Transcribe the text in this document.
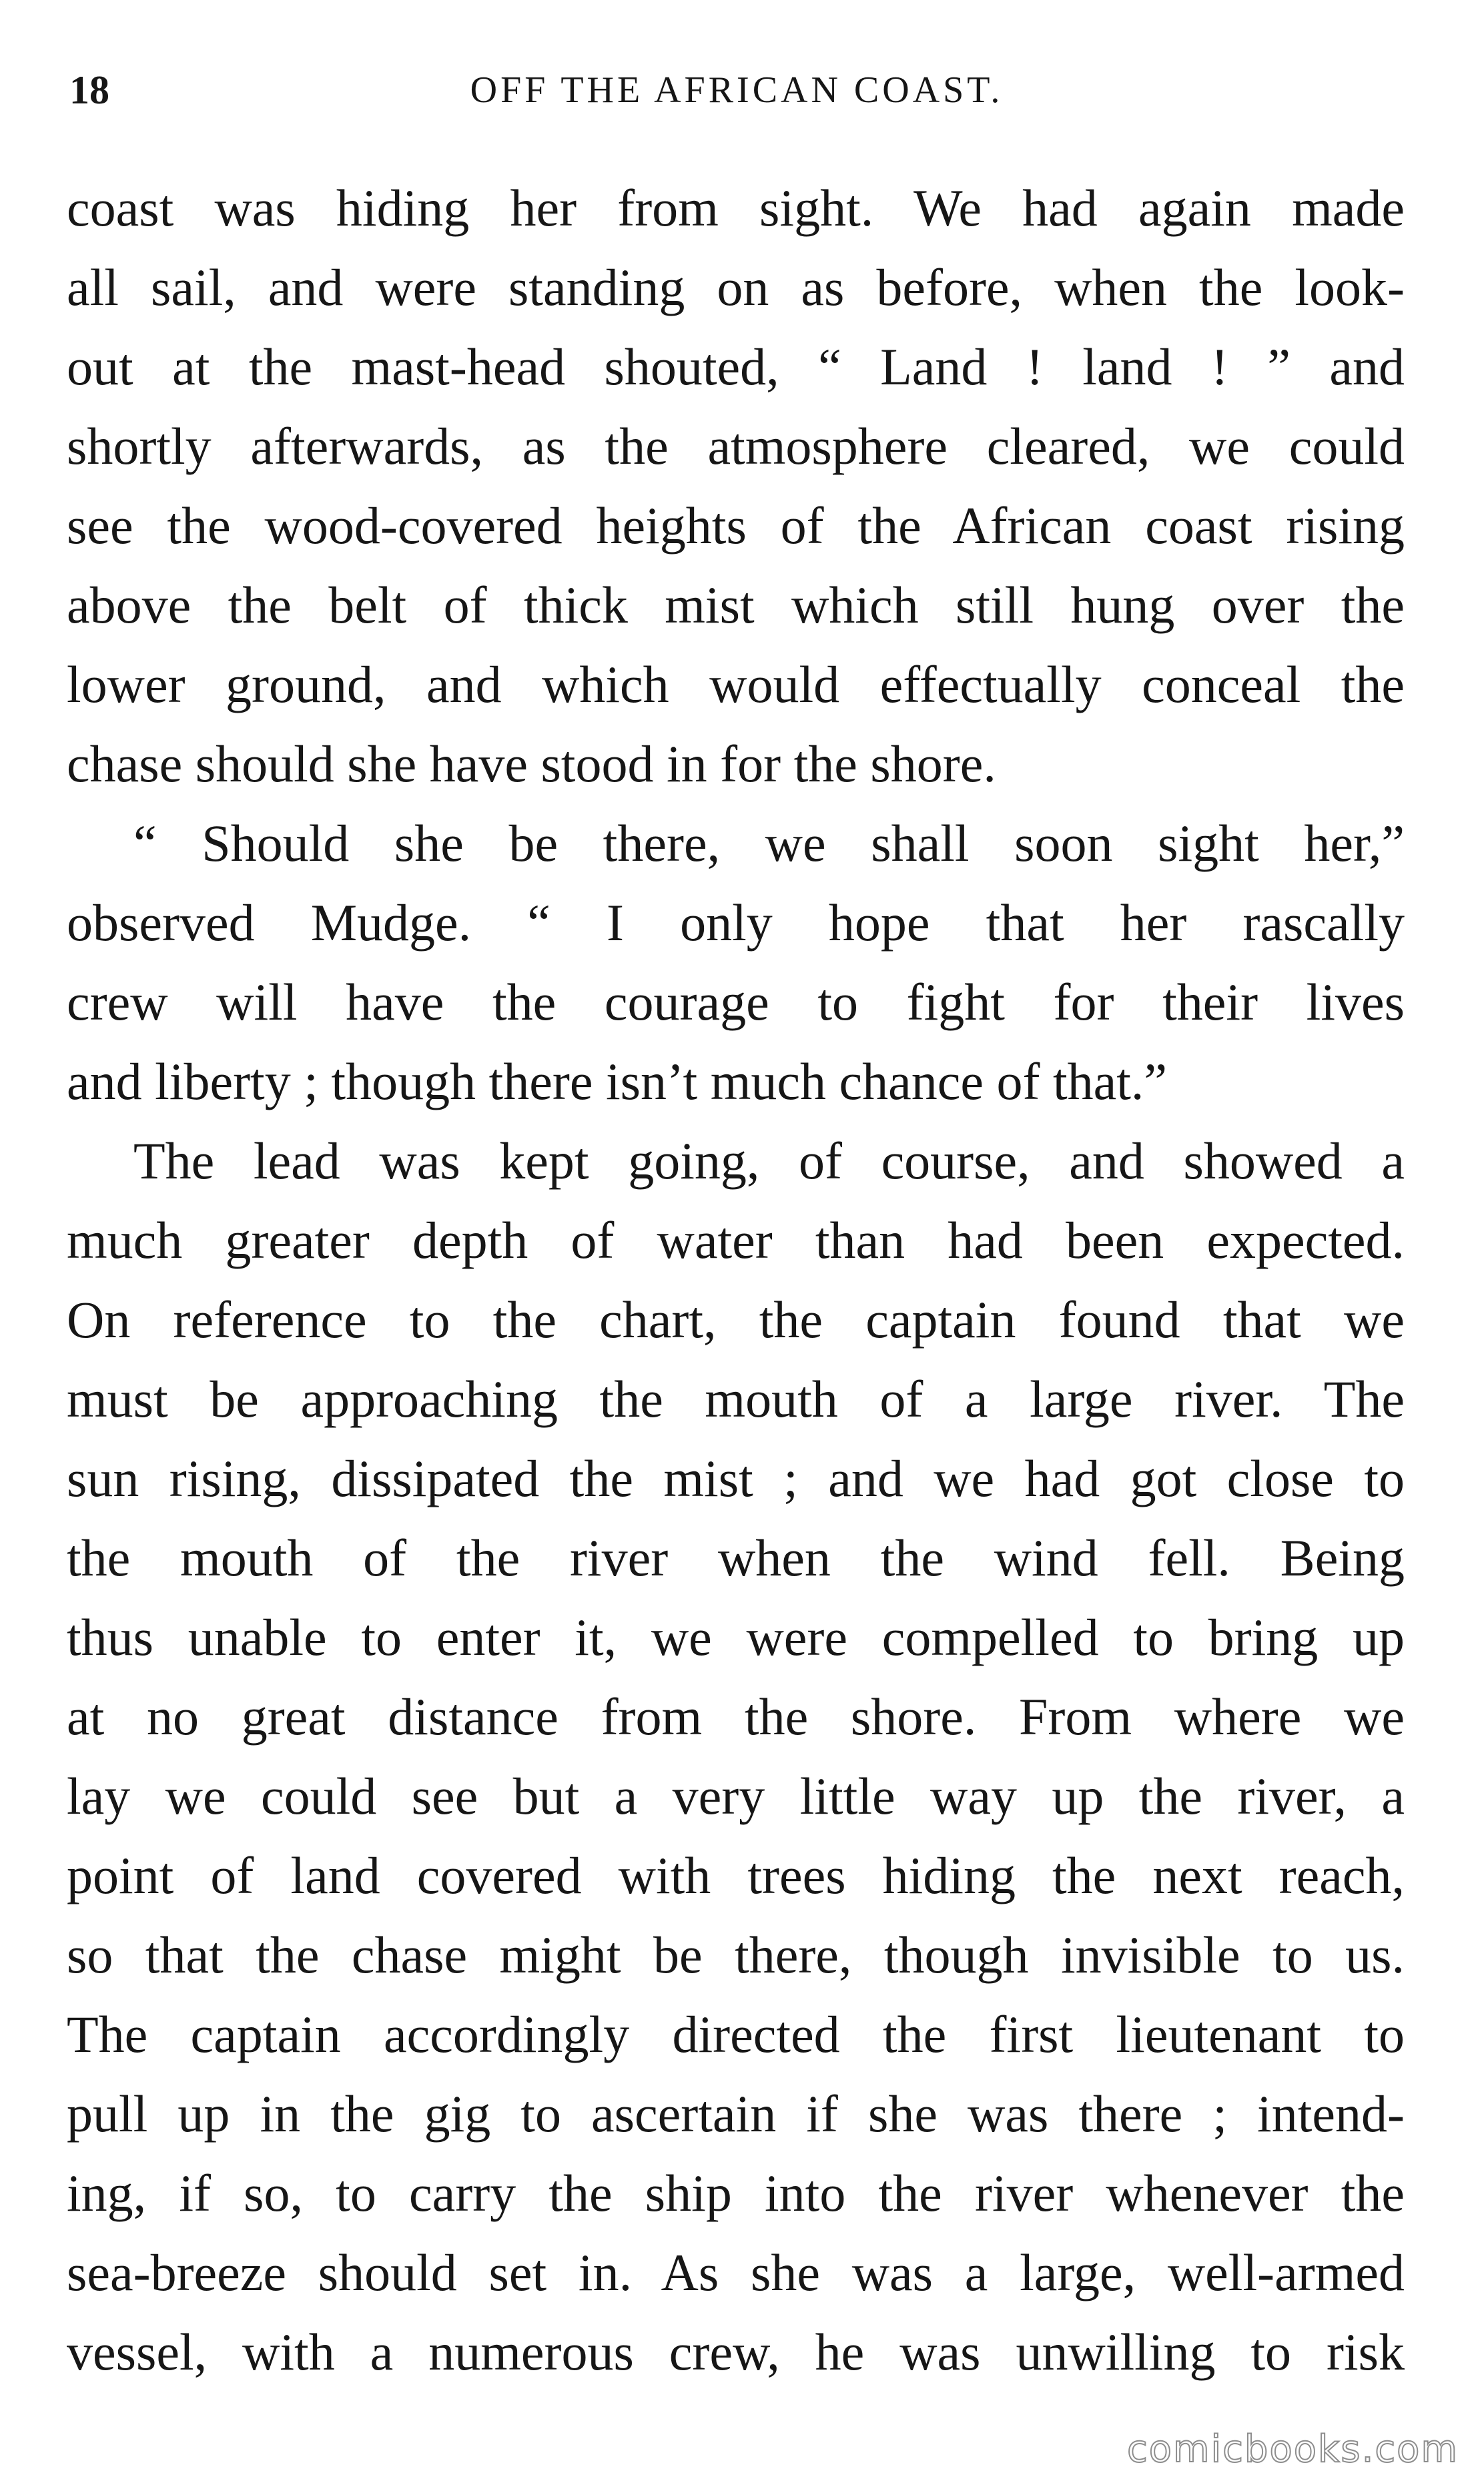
18	OFF THE AFRICAN COAST.
coast was hiding her from sight. We had again made
all sail, and were standing on as before, when the look-
out at the mast-head shouted, “ Land ! land ! ” and
shortly afterwards, as the atmosphere cleared, we could
see the wood-covered heights of the African coast rising
above the belt of thick mist which still hung over the
lower ground, and which would effectually conceal the
chase should she have stood in for the shore.
“ Should she be there, we shall soon sight her,”
observed Mudge. “ I only hope that her rascally
crew will have the courage to fight for their lives
and liberty ; though there isn’t much chance of that.”
The lead was kept going, of course, and showed a
much greater depth of water than had been expected.
On reference to the chart, the captain found that we
must be approaching the mouth of a large river. The
sun rising, dissipated the mist ; and we had got close to
the mouth of the river when the wind fell. Being
thus unable to enter it, we were compelled to bring up
at no great distance from the shore. From where we
lay we could see but a very little way up the river, a
point of land covered with trees hiding the next reach,
so that the chase might be there, though invisible to us.
The captain accordingly directed the first lieutenant to
pull up in the gig to ascertain if she was there ; intend-
ing, if so, to carry the ship into the river whenever the
sea-breeze should set in. As she was a large, well-armed
vessel, with a numerous crew, he was unwilling to risk
comicbooks.com
